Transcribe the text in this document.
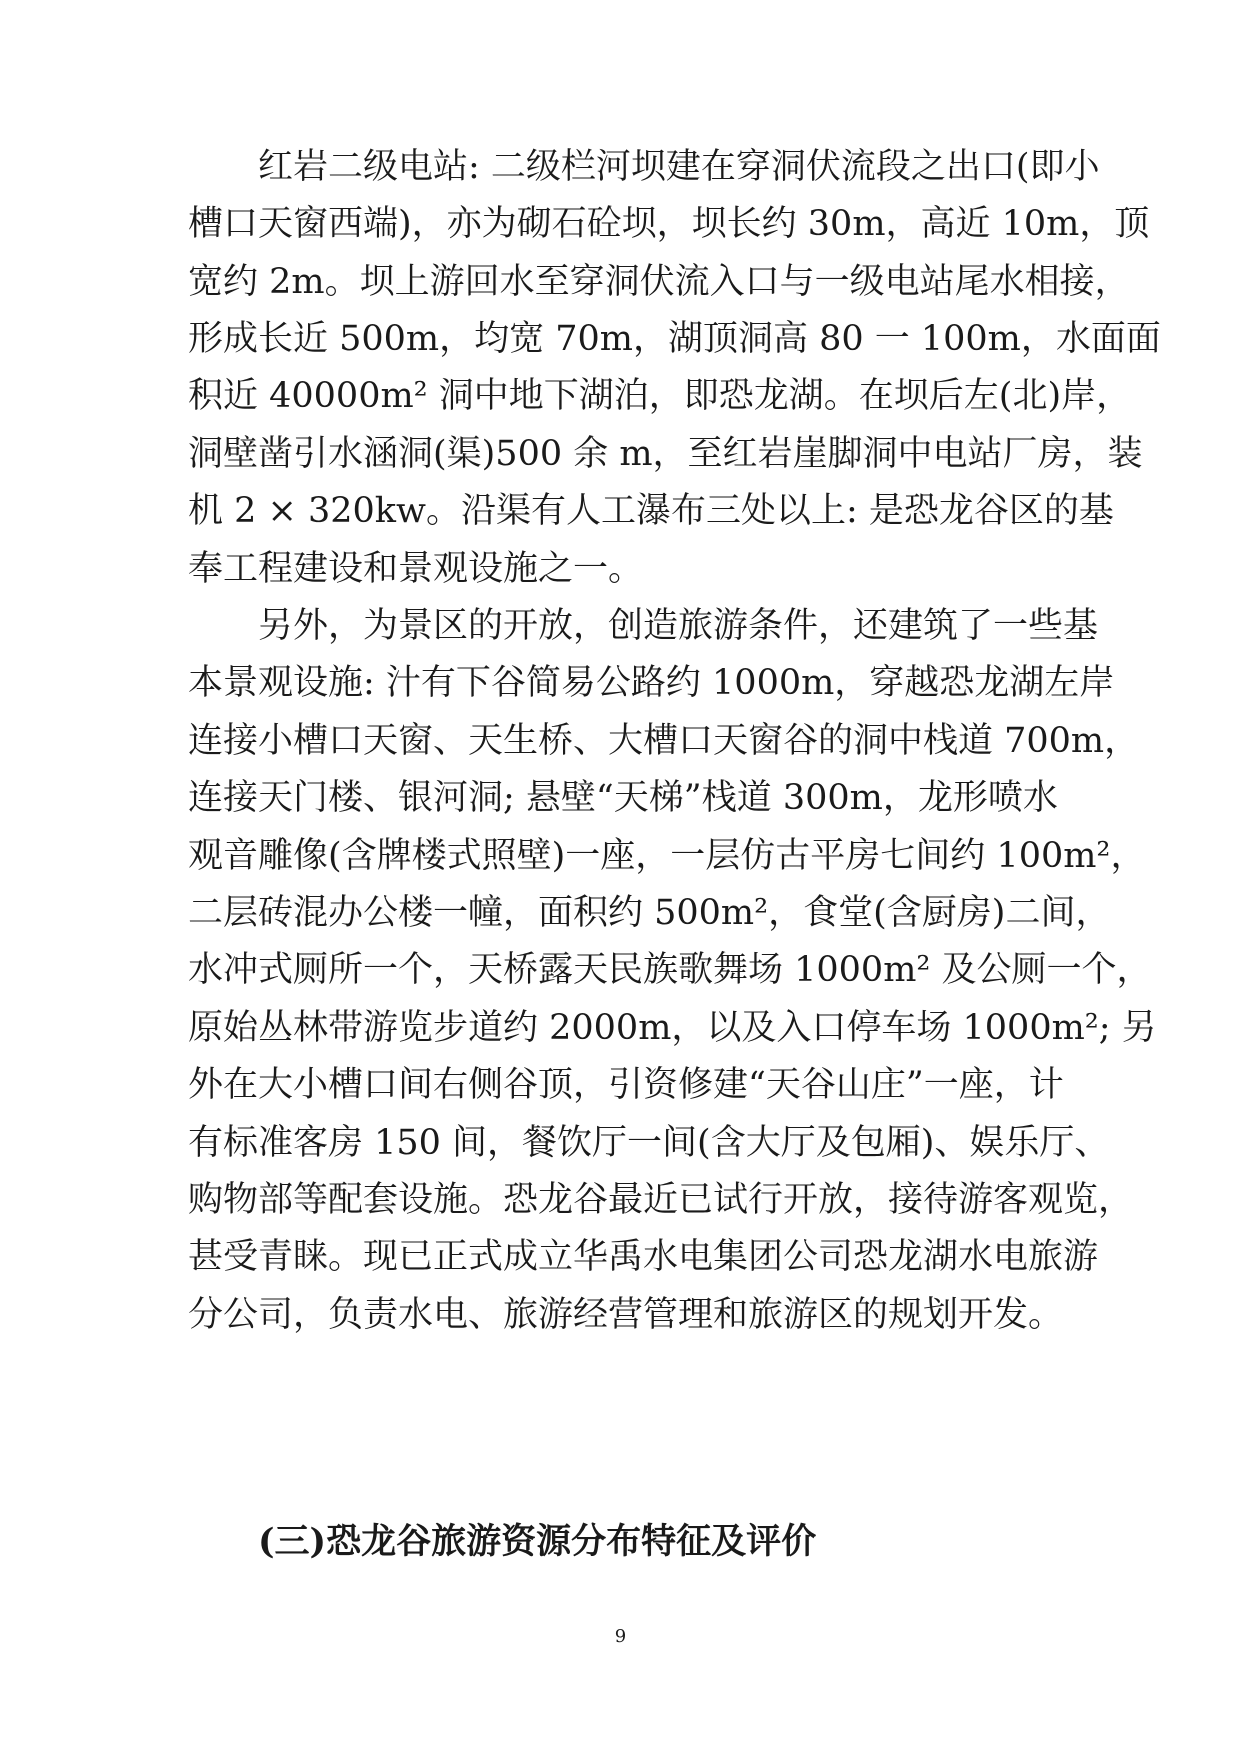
红岩二级电站: 二级栏河坝建在穿洞伏流段之出口(即小
槽口天窗西端)，亦为砌石砼坝，坝长约 30m，高近 10m，顶
宽约 2m。坝上游回水至穿洞伏流入口与一级电站尾水相接，
形成长近 500m，均宽 70m，湖顶洞高 80 一 100m，水面面
积近 40000m² 洞中地下湖泊，即恐龙湖。在坝后左(北)岸，
洞壁凿引水涵洞(渠)500 余 m，至红岩崖脚洞中电站厂房，装
机 2 × 320kw。沿渠有人工瀑布三处以上: 是恐龙谷区的基
奉工程建设和景观设施之一。
另外，为景区的开放，创造旅游条件，还建筑了一些基
本景观设施: 汁有下谷简易公路约 1000m，穿越恐龙湖左岸
连接小槽口天窗、天生桥、大槽口天窗谷的洞中栈道 700m，
连接天门楼、银河洞; 悬壁“天梯”栈道 300m，龙形喷水
观音雕像(含牌楼式照壁)一座，一层仿古平房七间约 100m²，
二层砖混办公楼一幢，面积约 500m²，食堂(含厨房)二间，
水冲式厕所一个，天桥露天民族歌舞场 1000m² 及公厕一个，
原始丛林带游览步道约 2000m，以及入口停车场 1000m²; 另
外在大小槽口间右侧谷顶，引资修建“天谷山庄”一座，计
有标准客房 150 间，餐饮厅一间(含大厅及包厢)、娱乐厅、
购物部等配套设施。恐龙谷最近已试行开放，接待游客观览，
甚受青睐。现已正式成立华禹水电集团公司恐龙湖水电旅游
分公司，负责水电、旅游经营管理和旅游区的规划开发。
(三)恐龙谷旅游资源分布特征及评价
9
